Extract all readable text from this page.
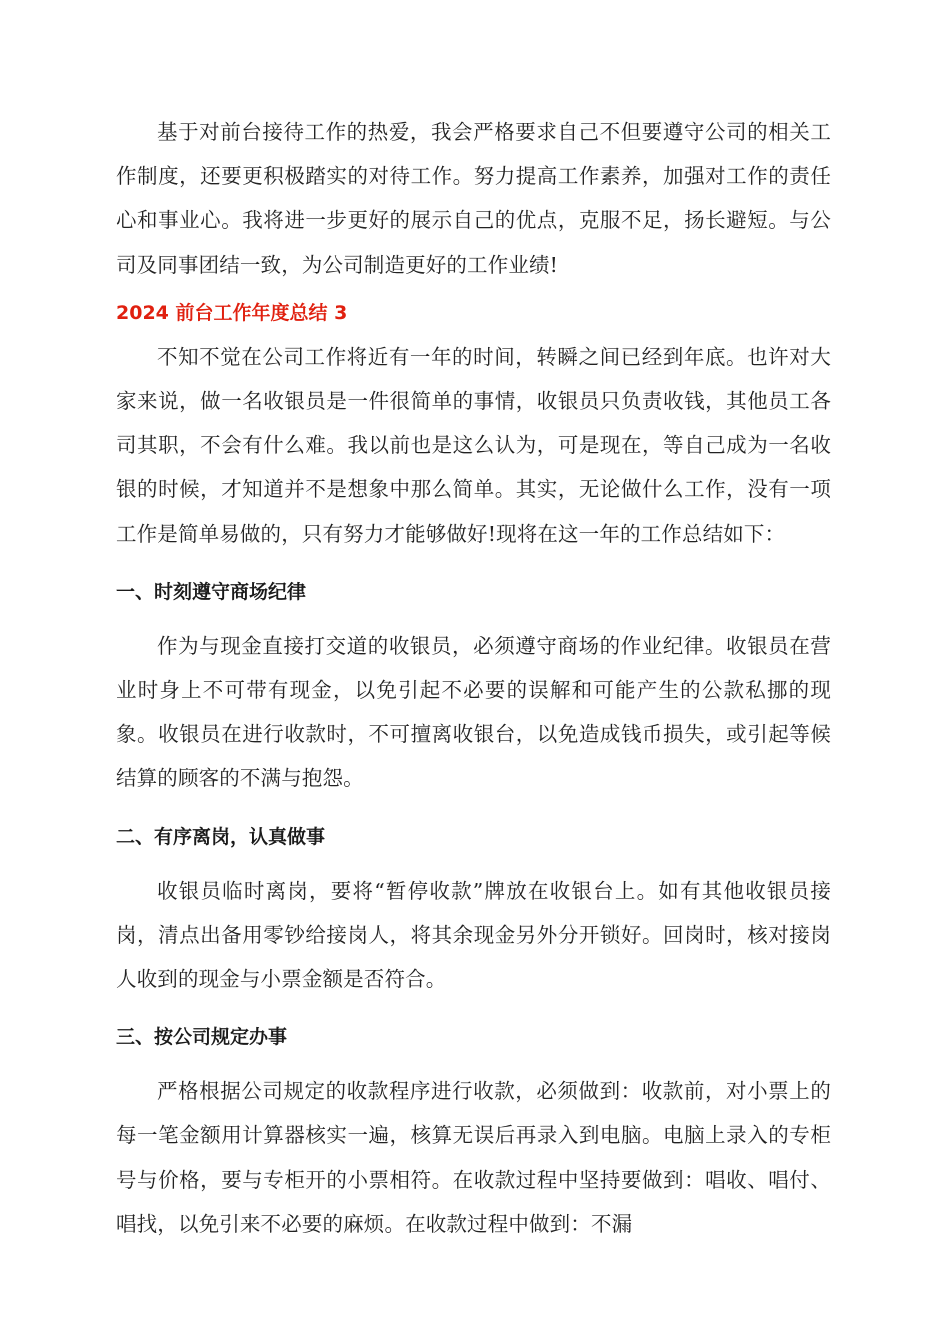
基于对前台接待工作的热爱，我会严格要求自己不但要遵守公司的相关工作制度，还要更积极踏实的对待工作。努力提高工作素养，加强对工作的责任心和事业心。我将进一步更好的展示自己的优点，克服不足，扬长避短。与公司及同事团结一致，为公司制造更好的工作业绩!

2024 前台工作年度总结 3

不知不觉在公司工作将近有一年的时间，转瞬之间已经到年底。也许对大家来说，做一名收银员是一件很简单的事情，收银员只负责收钱，其他员工各司其职，不会有什么难。我以前也是这么认为，可是现在，等自己成为一名收银的时候，才知道并不是想象中那么简单。其实，无论做什么工作，没有一项工作是简单易做的，只有努力才能够做好!现将在这一年的工作总结如下：

一、时刻遵守商场纪律

作为与现金直接打交道的收银员，必须遵守商场的作业纪律。收银员在营业时身上不可带有现金，以免引起不必要的误解和可能产生的公款私挪的现象。收银员在进行收款时，不可擅离收银台，以免造成钱币损失，或引起等候结算的顾客的不满与抱怨。

二、有序离岗，认真做事

收银员临时离岗，要将“暂停收款”牌放在收银台上。如有其他收银员接岗，清点出备用零钞给接岗人，将其余现金另外分开锁好。回岗时，核对接岗人收到的现金与小票金额是否符合。

三、按公司规定办事

严格根据公司规定的收款程序进行收款，必须做到：收款前，对小票上的每一笔金额用计算器核实一遍，核算无误后再录入到电脑。电脑上录入的专柜号与价格，要与专柜开的小票相符。在收款过程中坚持要做到：唱收、唱付、唱找，以免引来不必要的麻烦。在收款过程中做到：不漏
